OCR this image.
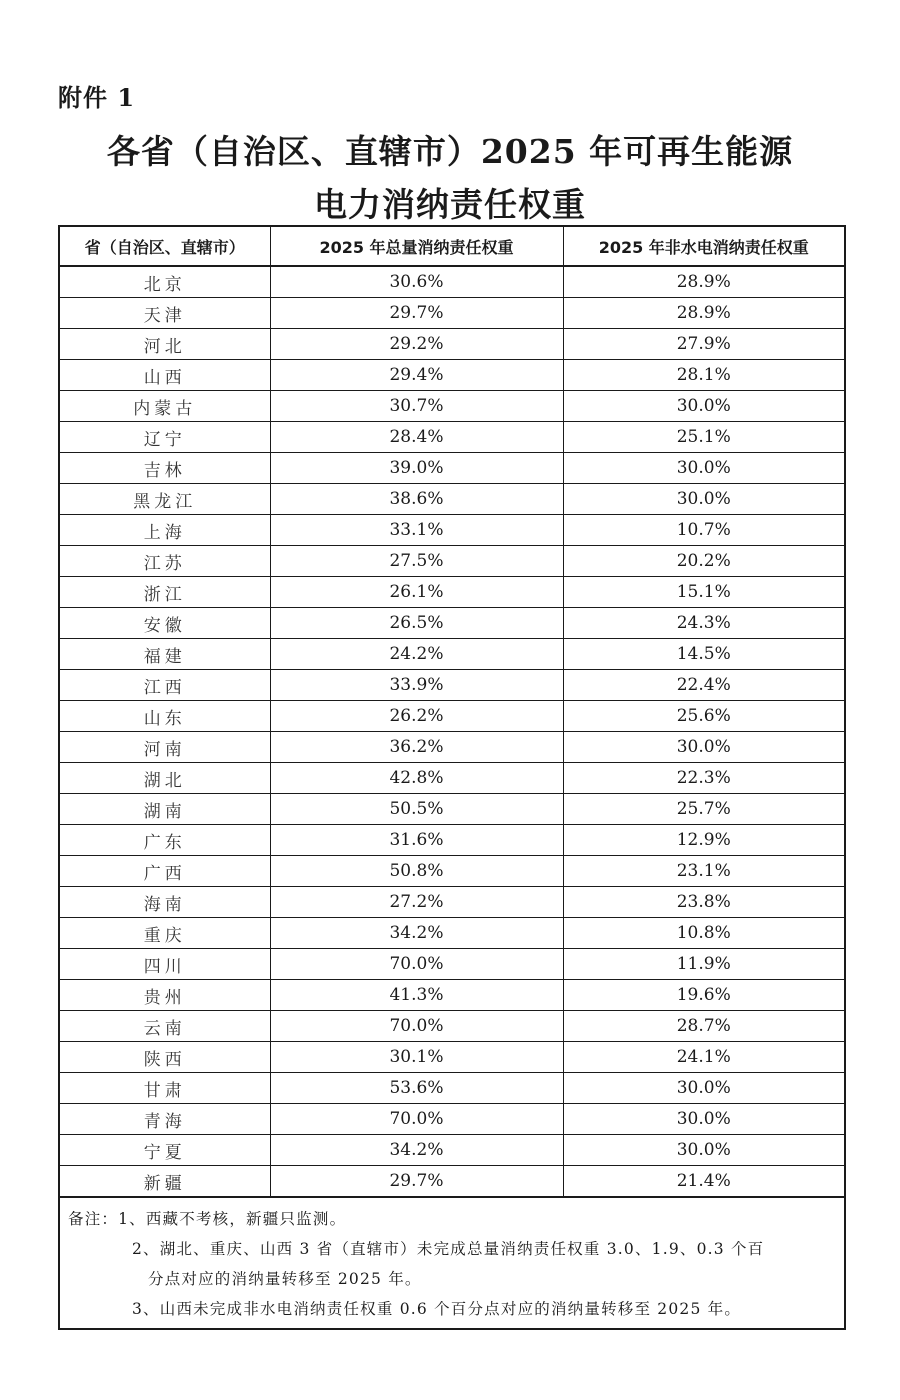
附件 1
各省（自治区、直辖市）2025 年可再生能源
电力消纳责任权重
省（自治区、直辖市）	2025 年总量消纳责任权重	2025 年非水电消纳责任权重
北京	30.6%	28.9%
天津	29.7%	28.9%
河北	29.2%	27.9%
山西	29.4%	28.1%
内蒙古	30.7%	30.0%
辽宁	28.4%	25.1%
吉林	39.0%	30.0%
黑龙江	38.6%	30.0%
上海	33.1%	10.7%
江苏	27.5%	20.2%
浙江	26.1%	15.1%
安徽	26.5%	24.3%
福建	24.2%	14.5%
江西	33.9%	22.4%
山东	26.2%	25.6%
河南	36.2%	30.0%
湖北	42.8%	22.3%
湖南	50.5%	25.7%
广东	31.6%	12.9%
广西	50.8%	23.1%
海南	27.2%	23.8%
重庆	34.2%	10.8%
四川	70.0%	11.9%
贵州	41.3%	19.6%
云南	70.0%	28.7%
陕西	30.1%	24.1%
甘肃	53.6%	30.0%
青海	70.0%	30.0%
宁夏	34.2%	30.0%
新疆	29.7%	21.4%
备注：1、西藏不考核，新疆只监测。
2、湖北、重庆、山西 3 省（直辖市）未完成总量消纳责任权重 3.0、1.9、0.3 个百
分点对应的消纳量转移至 2025 年。
3、山西未完成非水电消纳责任权重 0.6 个百分点对应的消纳量转移至 2025 年。
